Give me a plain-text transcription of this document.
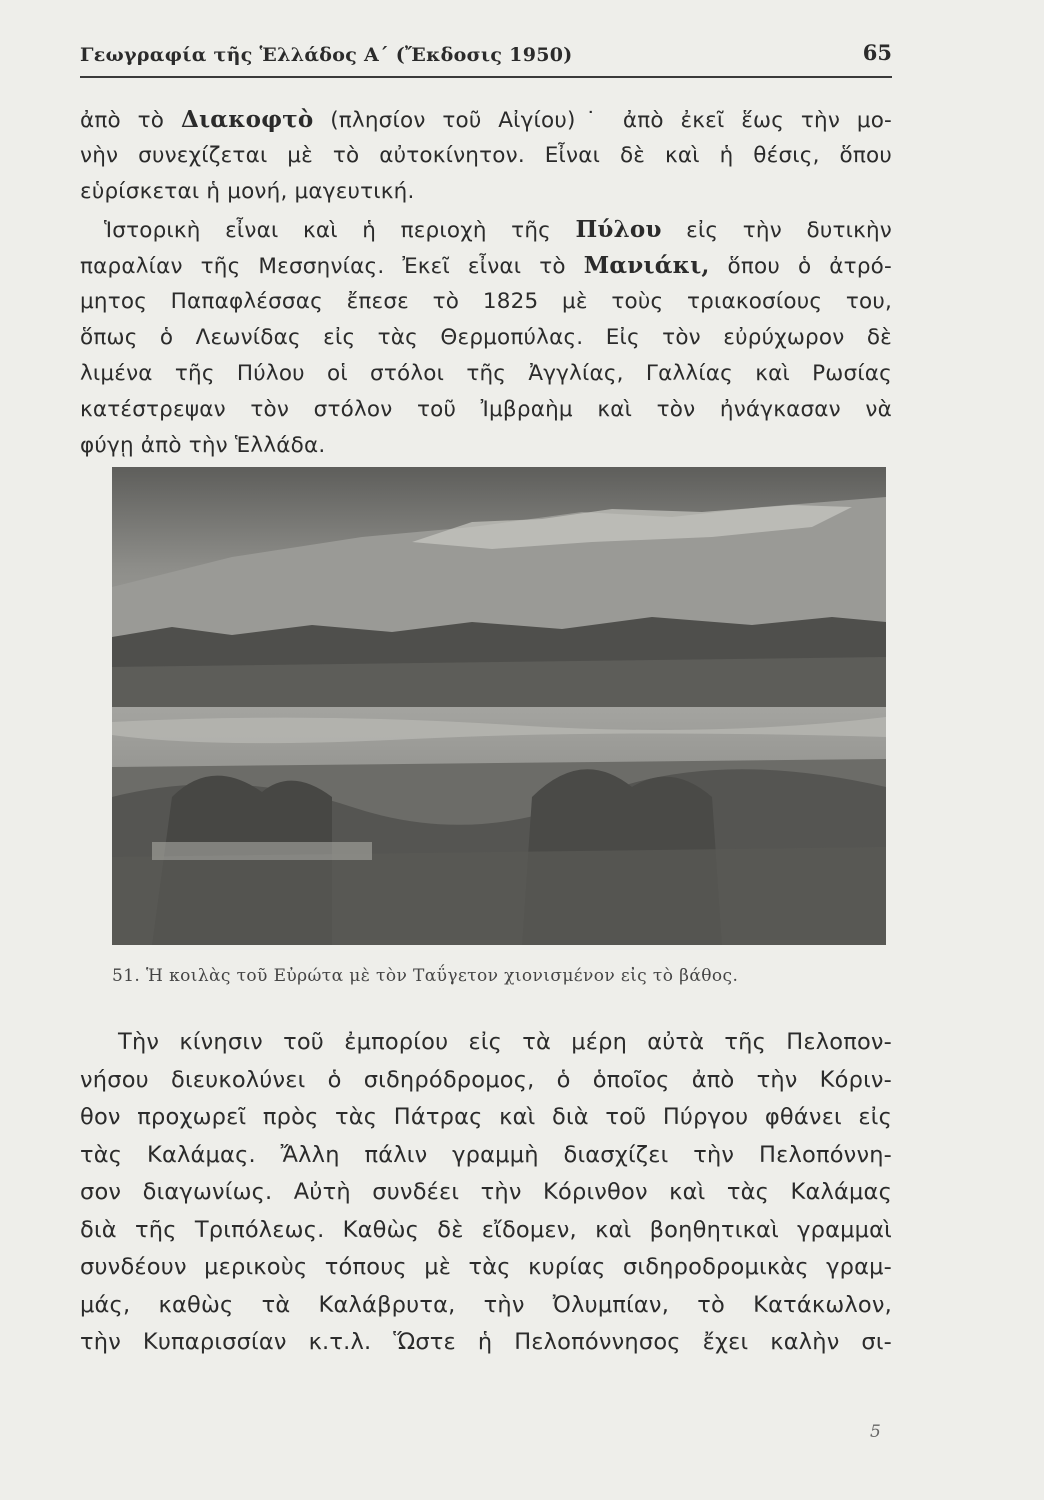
Γεωγραφία τῆς Ἑλλάδος Α΄ (Ἔκδοσις 1950)	65
ἀπὸ τὸ Διακοφτὸ (πλησίον τοῦ Αἰγίου)˙ ἀπὸ ἐκεῖ ἕως τὴν μο-
νὴν συνεχίζεται μὲ τὸ αὐτοκίνητον. Εἶναι δὲ καὶ ἡ θέσις, ὅπου
εὑρίσκεται ἡ μονή, μαγευτική.
Ἱστορικὴ εἶναι καὶ ἡ περιοχὴ τῆς Πύλου εἰς τὴν δυτικὴν
παραλίαν τῆς Μεσσηνίας. Ἐκεῖ εἶναι τὸ Μανιάκι, ὅπου ὁ ἀτρό-
μητος Παπαφλέσσας ἔπεσε τὸ 1825 μὲ τοὺς τριακοσίους του,
ὅπως ὁ Λεωνίδας εἰς τὰς Θερμοπύλας. Εἰς τὸν εὐρύχωρον δὲ
λιμένα τῆς Πύλου οἱ στόλοι τῆς Ἀγγλίας, Γαλλίας καὶ Ρωσίας
κατέστρεψαν τὸν στόλον τοῦ Ἰμβραὴμ καὶ τὸν ἠνάγκασαν νὰ
φύγῃ ἀπὸ τὴν Ἑλλάδα.
51. Ἡ κοιλὰς τοῦ Εὐρώτα μὲ τὸν Ταΰγετον χιονισμένον εἰς τὸ βάθος.
Τὴν κίνησιν τοῦ ἐμπορίου εἰς τὰ μέρη αὐτὰ τῆς Πελοπον-
νήσου διευκολύνει ὁ σιδηρόδρομος, ὁ ὁποῖος ἀπὸ τὴν Κόριν-
θον προχωρεῖ πρὸς τὰς Πάτρας καὶ διὰ τοῦ Πύργου φθάνει εἰς
τὰς Καλάμας. Ἄλλη πάλιν γραμμὴ διασχίζει τὴν Πελοπόννη-
σον διαγωνίως. Αὐτὴ συνδέει τὴν Κόρινθον καὶ τὰς Καλάμας
διὰ τῆς Τριπόλεως. Καθὼς δὲ εἴδομεν, καὶ βοηθητικαὶ γραμμαὶ
συνδέουν μερικοὺς τόπους μὲ τὰς κυρίας σιδηροδρομικὰς γραμ-
μάς, καθὼς τὰ Καλάβρυτα, τὴν Ὀλυμπίαν, τὸ Κατάκωλον,
τὴν Κυπαρισσίαν κ.τ.λ. Ὥστε ἡ Πελοπόννησος ἔχει καλὴν σι-
5
